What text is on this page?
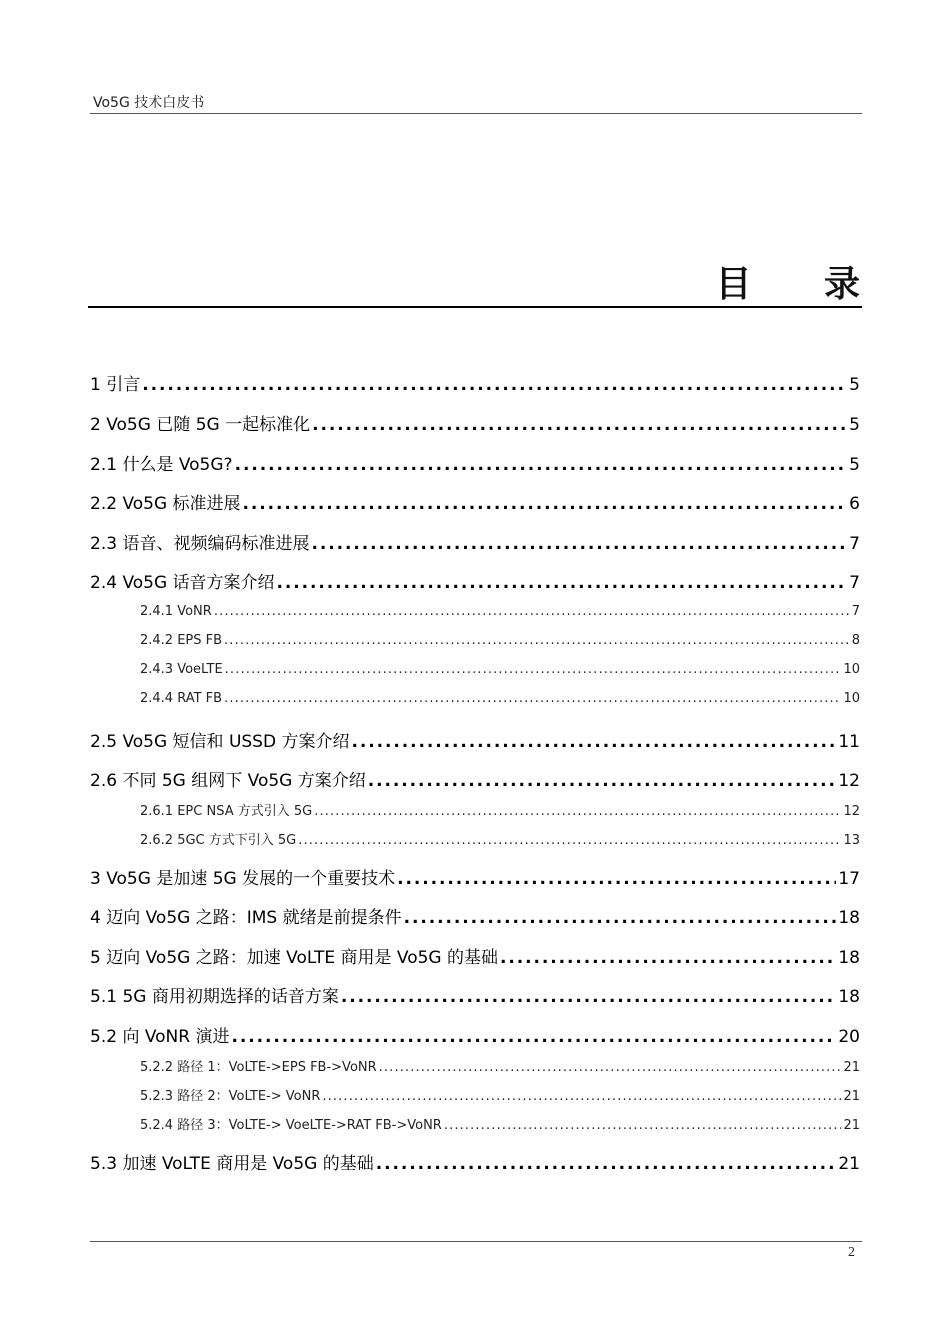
Vo5G 技术白皮书
目 录
1 引言 . . .	5
2 Vo5G 已随 5G 一起标准化 . . .	5
2.1 什么是 Vo5G? . . .	5
2.2 Vo5G 标准进展 . . .	6
2.3 语音、视频编码标准进展 . . .	7
2.4 Vo5G 话音方案介绍 . . .	7
2.4.1 VoNR . . .	7
2.4.2 EPS FB . . .	8
2.4.3 VoeLTE . . .	10
2.4.4 RAT FB . . .	10
2.5 Vo5G 短信和 USSD 方案介绍 . . .	11
2.6 不同 5G 组网下 Vo5G 方案介绍 . . .	12
2.6.1 EPC NSA 方式引入 5G . . .	12
2.6.2 5GC 方式下引入 5G . . .	13
3 Vo5G 是加速 5G 发展的一个重要技术 . . .	17
4 迈向 Vo5G 之路：IMS 就绪是前提条件 . . .	18
5 迈向 Vo5G 之路：加速 VoLTE 商用是 Vo5G 的基础 . . .	18
5.1 5G 商用初期选择的话音方案 . . .	18
5.2 向 VoNR 演进 . . .	20
5.2.2 路径 1：VoLTE->EPS FB->VoNR . . .	21
5.2.3 路径 2：VoLTE-> VoNR . . .	21
5.2.4 路径 3：VoLTE-> VoeLTE->RAT FB->VoNR . . .	21
5.3 加速 VoLTE 商用是 Vo5G 的基础 . . .	21
2
